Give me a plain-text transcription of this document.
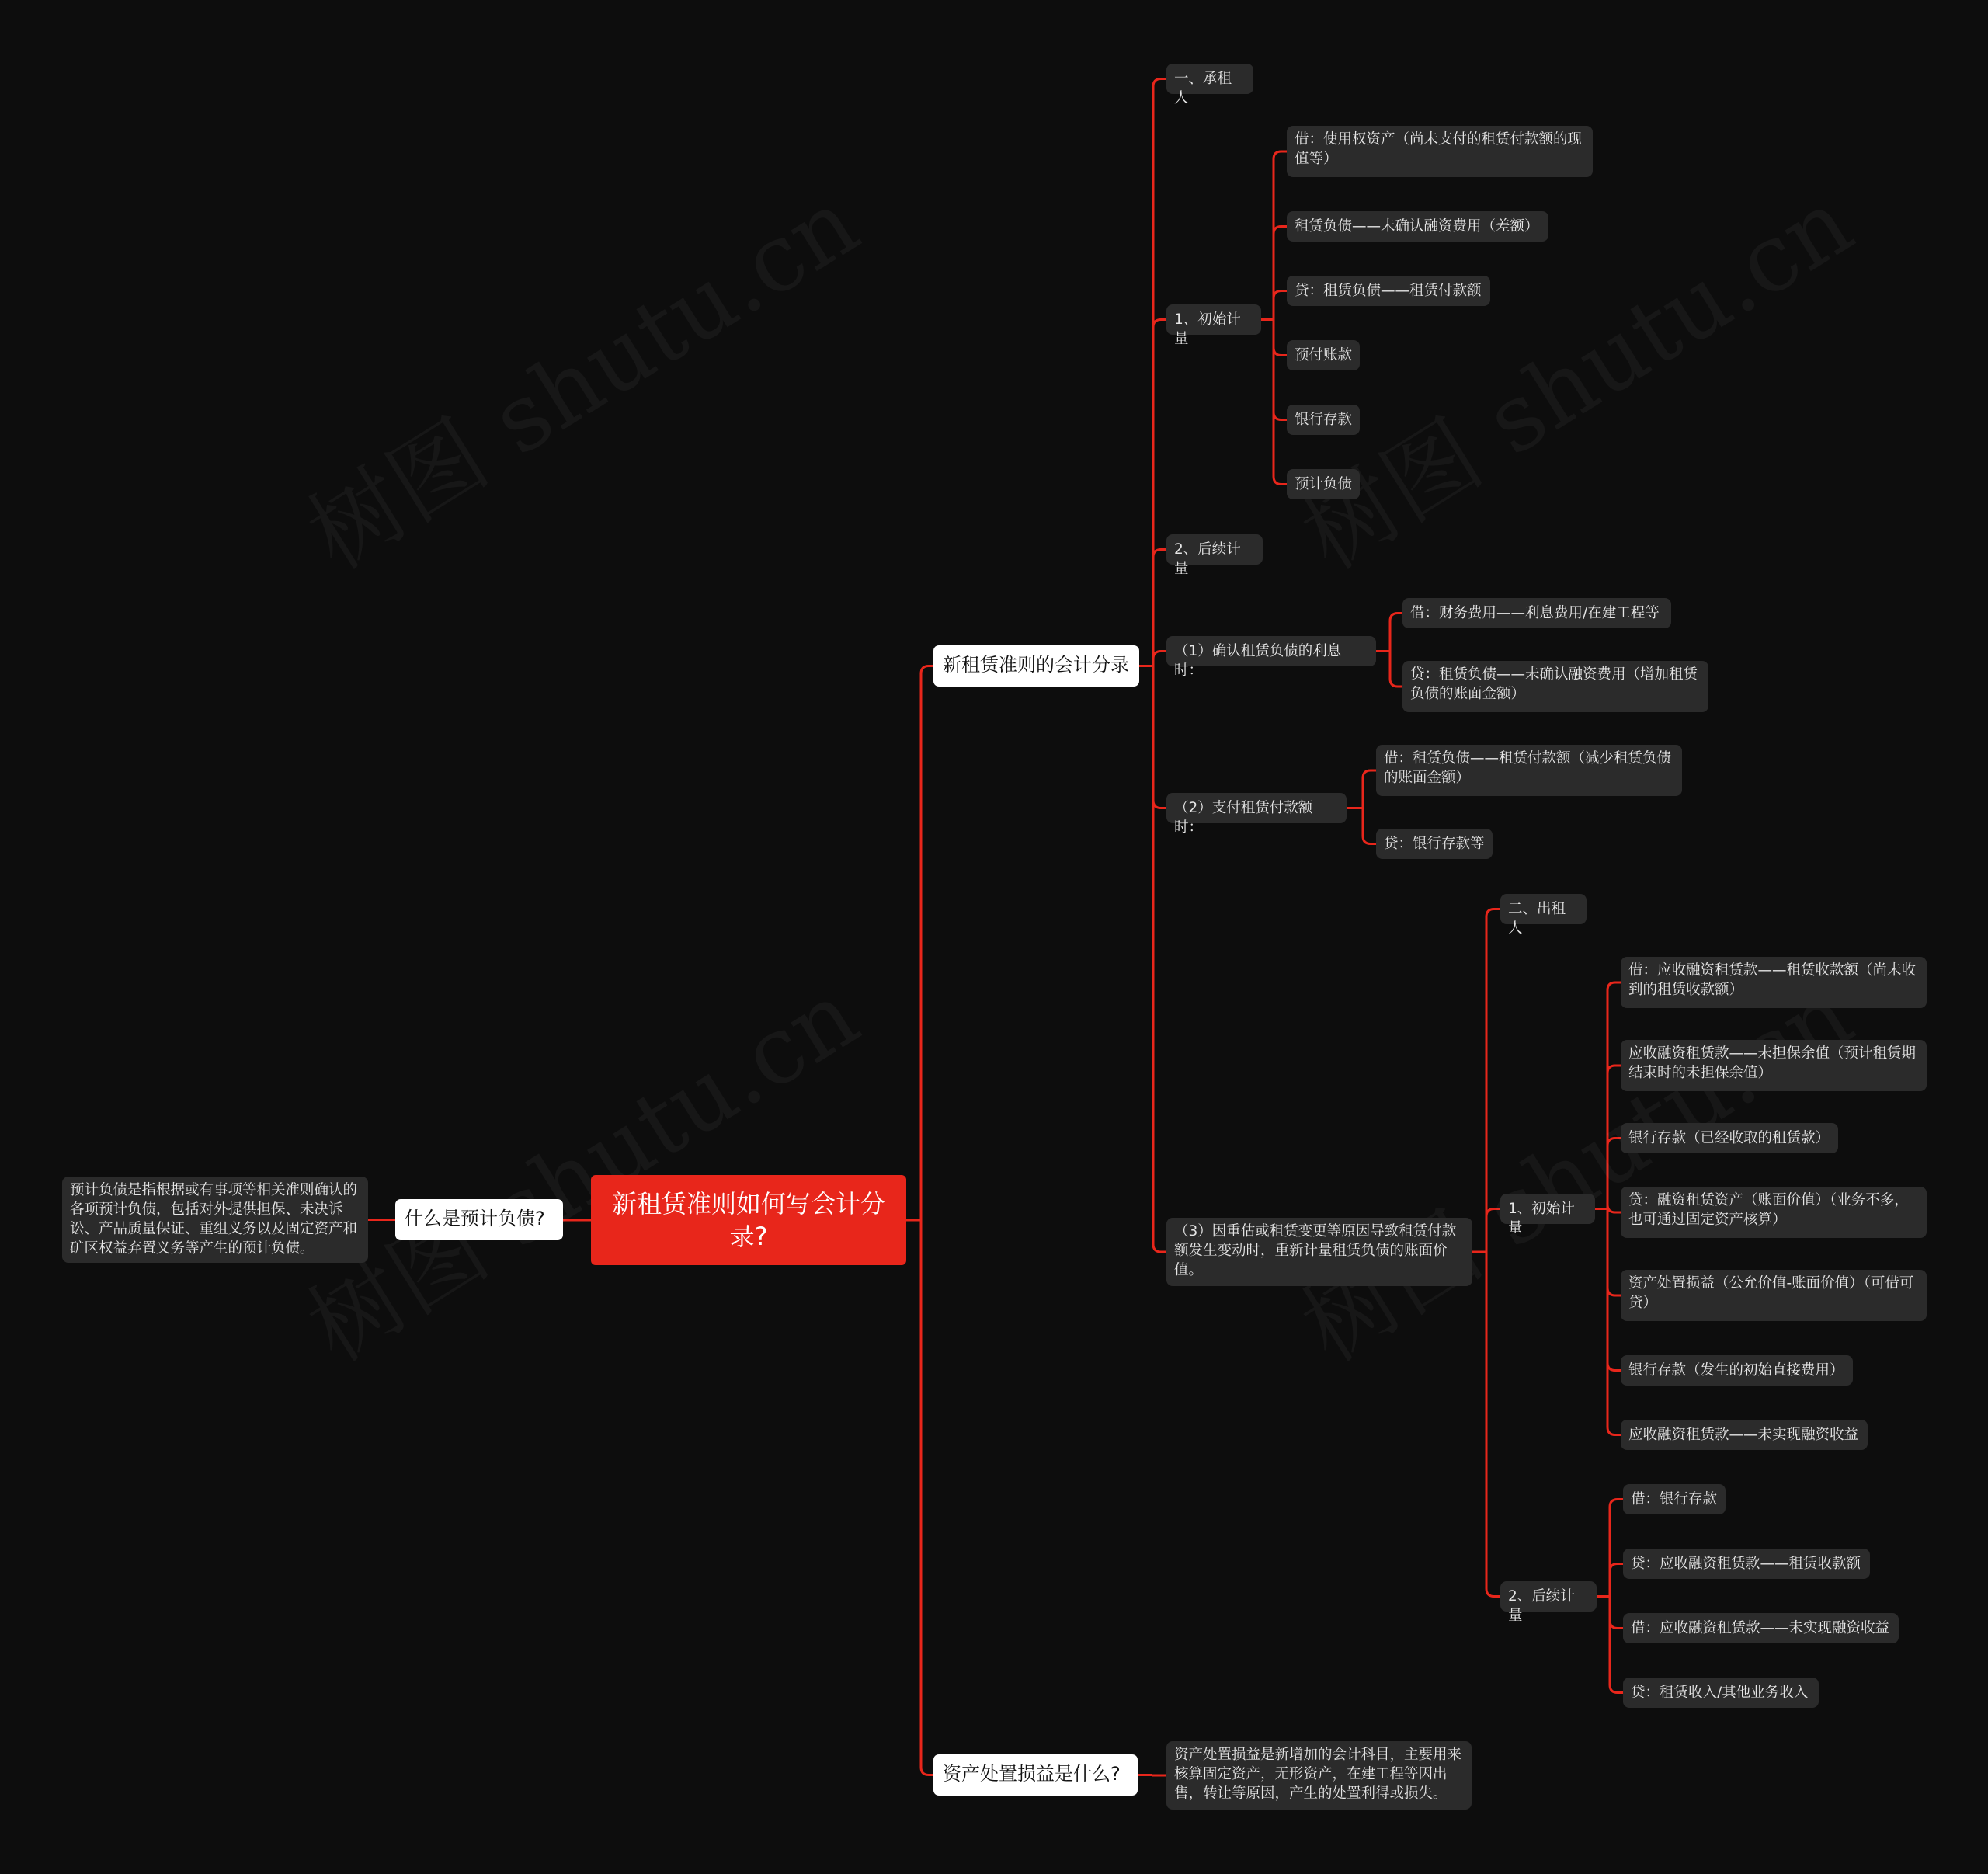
新租赁准则如何写会计分录?
什么是预计负债?
预计负债是指根据或有事项等相关准则确认的各项预计负债，包括对外提供担保、未决诉讼、产品质量保证、重组义务以及固定资产和矿区权益弃置义务等产生的预计负债。
新租赁准则的会计分录
资产处置损益是什么?
资产处置损益是新增加的会计科目，主要用来核算固定资产，无形资产，在建工程等因出售，转让等原因，产生的处置利得或损失。
一、承租人
1、初始计量
借：使用权资产（尚未支付的租赁付款额的现值等）
租赁负债——未确认融资费用（差额）
贷：租赁负债——租赁付款额
预付账款
银行存款
预计负债
2、后续计量
（1）确认租赁负债的利息时：
借：财务费用——利息费用/在建工程等
贷：租赁负债——未确认融资费用（增加租赁负债的账面金额）
（2）支付租赁付款额时：
借：租赁负债——租赁付款额（减少租赁负债的账面金额）
贷：银行存款等
（3）因重估或租赁变更等原因导致租赁付款额发生变动时，重新计量租赁负债的账面价值。
二、出租人
1、初始计量
借：应收融资租赁款——租赁收款额（尚未收到的租赁收款额）
应收融资租赁款——未担保余值（预计租赁期结束时的未担保余值）
银行存款（已经收取的租赁款）
贷：融资租赁资产（账面价值）（业务不多，也可通过固定资产核算）
资产处置损益（公允价值-账面价值）（可借可贷）
银行存款（发生的初始直接费用）
应收融资租赁款——未实现融资收益
2、后续计量
借：银行存款
贷：应收融资租赁款——租赁收款额
借：应收融资租赁款——未实现融资收益
贷：租赁收入/其他业务收入
